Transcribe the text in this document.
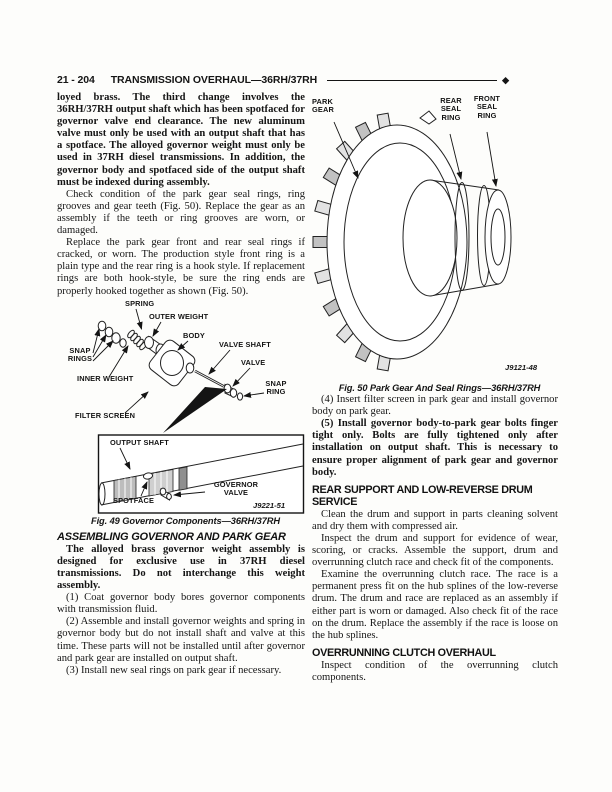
21 - 204 TRANSMISSION OVERHAUL—36RH/37RH	◆

loyed brass. The third change involves the 36RH/37RH output shaft which has been spotfaced for governor valve end clearance. The new aluminum valve must only be used with an output shaft that has a spotface. The alloyed governor weight must only be used in 37RH diesel transmissions. In addition, the governor body and spotfaced side of the output shaft must be indexed during assembly.

Check condition of the park gear seal rings, ring grooves and gear teeth (Fig. 50). Replace the gear as an assembly if the teeth or ring grooves are worn, or damaged.

Replace the park gear front and rear seal rings if cracked, or worn. The production style front ring is a plain type and the rear ring is a hook style. If replacement rings are both hook-style, be sure the ring ends are properly hooked together as shown (Fig. 50).

SPRING
OUTER WEIGHT
BODY
VALVE SHAFT
VALVE
SNAP RINGS
INNER WEIGHT
SNAP RING
FILTER SCREEN
OUTPUT SHAFT
GOVERNOR VALVE
SPOTFACE
J9221-51

Fig. 49 Governor Components—36RH/37RH

ASSEMBLING GOVERNOR AND PARK GEAR

The alloyed brass governor weight assembly is designed for exclusive use in 37RH diesel transmissions. Do not interchange this weight assembly.

(1) Coat governor body bores governor components with transmission fluid.

(2) Assemble and install governor weights and spring in governor body but do not install shaft and valve at this time. These parts will not be installed until after governor and park gear are installed on output shaft.

(3) Install new seal rings on park gear if necessary.

PARK GEAR
REAR SEAL RING
FRONT SEAL RING
J9121-48

Fig. 50 Park Gear And Seal Rings—36RH/37RH

(4) Insert filter screen in park gear and install governor body on park gear.

(5) Install governor body-to-park gear bolts finger tight only. Bolts are fully tightened only after installation on output shaft. This is necessary to ensure proper alignment of park gear and governor body.

REAR SUPPORT AND LOW-REVERSE DRUM SERVICE

Clean the drum and support in parts cleaning solvent and dry them with compressed air.

Inspect the drum and support for evidence of wear, scoring, or cracks. Assemble the support, drum and overrunning clutch race and check fit of the components.

Examine the overrunning clutch race. The race is a permanent press fit on the hub splines of the low-reverse drum. The drum and race are replaced as an assembly if either part is worn or damaged. Also check fit of the race on the drum. Replace the assembly if the race is loose on the hub splines.

OVERRUNNING CLUTCH OVERHAUL

Inspect condition of the overrunning clutch components.
